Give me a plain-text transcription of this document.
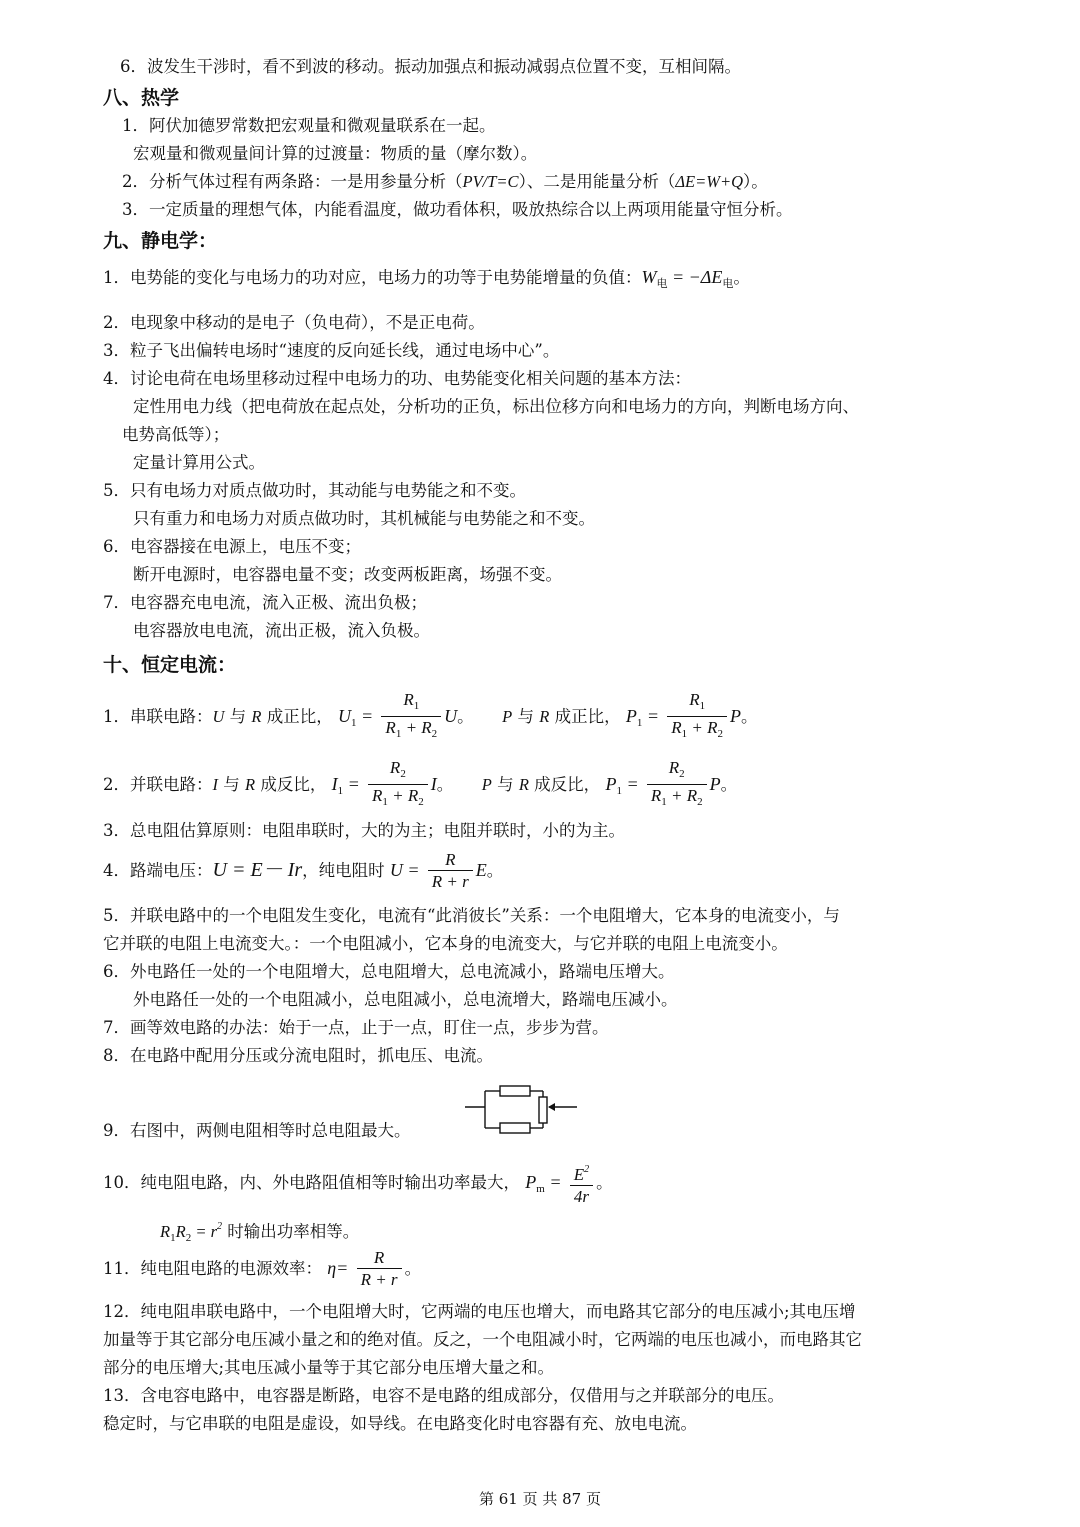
6．波发生干涉时，看不到波的移动。振动加强点和振动减弱点位置不变，互相间隔。
八、热学
1．阿伏加德罗常数把宏观量和微观量联系在一起。
宏观量和微观量间计算的过渡量：物质的量（摩尔数）。
2．分析气体过程有两条路：一是用参量分析（PV/T=C）、二是用能量分析（ΔE=W+Q）。
3．一定质量的理想气体，内能看温度，做功看体积，吸放热综合以上两项用能量守恒分析。
九、静电学：
1．电势能的变化与电场力的功对应，电场力的功等于电势能增量的负值：$W_电 = -\Delta E_电$。
2．电现象中移动的是电子（负电荷），不是正电荷。
3．粒子飞出偏转电场时“速度的反向延长线，通过电场中心”。
4．讨论电荷在电场里移动过程中电场力的功、电势能变化相关问题的基本方法：
定性用电力线（把电荷放在起点处，分析功的正负，标出位移方向和电场力的方向，判断电场方向、
电势高低等）；
定量计算用公式。
5．只有电场力对质点做功时，其动能与电势能之和不变。
只有重力和电场力对质点做功时，其机械能与电势能之和不变。
6．电容器接在电源上，电压不变；
断开电源时，电容器电量不变；改变两板距离，场强不变。
7．电容器充电电流，流入正极、流出负极；
电容器放电电流，流出正极，流入负极。
十、恒定电流：
1．串联电路：U 与 R 成正比， $U_1 = \frac{R_1}{R_1 + R_2}$ U。 P 与 R 成正比， $P_1 = \frac{R_1}{R_1 + R_2}$ P。
2．并联电路：I 与 R 成反比， $I_1 = \frac{R_2}{R_1 + R_2}$ I。 P 与 R 成反比， $P_1 = \frac{R_2}{R_1 + R_2}$ P。
3．总电阻估算原则：电阻串联时，大的为主；电阻并联时，小的为主。
4．路端电压：U = E－ Ir，纯电阻时 $U = \frac{R}{R + r}$ E。
5．并联电路中的一个电阻发生变化，电流有“此消彼长”关系：一个电阻增大，它本身的电流变小，与
它并联的电阻上电流变大。：一个电阻减小，它本身的电流变大，与它并联的电阻上电流变小。
6．外电路任一处的一个电阻增大，总电阻增大，总电流减小，路端电压增大。
外电路任一处的一个电阻减小，总电阻减小，总电流增大，路端电压减小。
7．画等效电路的办法：始于一点，止于一点，盯住一点，步步为营。
8．在电路中配用分压或分流电阻时，抓电压、电流。
9．右图中，两侧电阻相等时总电阻最大。
10．纯电阻电路，内、外电路阻值相等时输出功率最大， $P_m = \frac{E^2}{4r}$ 。
$R_1R_2 = r^2$ 时输出功率相等。
11．纯电阻电路的电源效率： $\eta= \frac{R}{R + r}$ 。
12．纯电阻串联电路中，一个电阻增大时，它两端的电压也增大，而电路其它部分的电压减小;其电压增
加量等于其它部分电压减小量之和的绝对值。反之，一个电阻减小时，它两端的电压也减小，而电路其它
部分的电压增大;其电压减小量等于其它部分电压增大量之和。
13．含电容电路中，电容器是断路，电容不是电路的组成部分，仅借用与之并联部分的电压。
稳定时，与它串联的电阻是虚设，如导线。在电路变化时电容器有充、放电电流。
第 61 页 共 87 页
